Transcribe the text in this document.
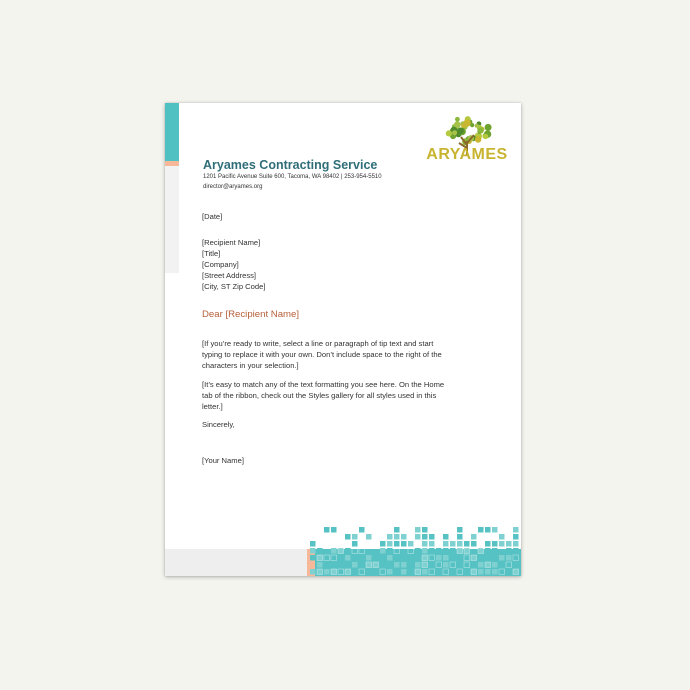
ARYAMES
Aryames Contracting Service
1201 Pacific Avenue Suite 600, Tacoma, WA 98402 | 253-954-5510
director@aryames.org
[Date]
[Recipient Name]
[Title]
[Company]
[Street Address]
[City, ST Zip Code]
Dear [Recipient Name]
[If you’re ready to write, select a line or paragraph of tip text and start typing to replace it with your own. Don’t include space to the right of the characters in your selection.]
[It’s easy to match any of the text formatting you see here. On the Home tab of the ribbon, check out the Styles gallery for all styles used in this letter.]
Sincerely,
[Your Name]
